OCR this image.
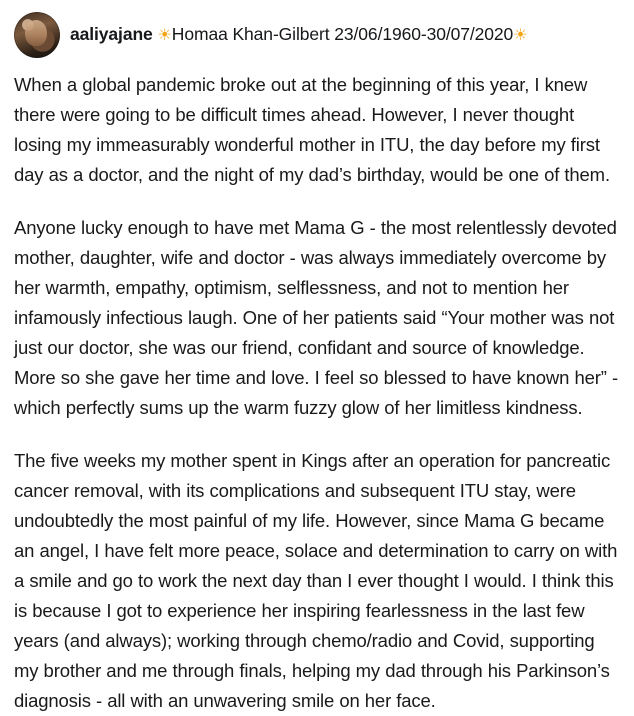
aaliyajane ☀Homaa Khan-Gilbert 23/06/1960-30/07/2020☀

When a global pandemic broke out at the beginning of this year, I knew there were going to be difficult times ahead. However, I never thought losing my immeasurably wonderful mother in ITU, the day before my first day as a doctor, and the night of my dad’s birthday, would be one of them.

Anyone lucky enough to have met Mama G - the most relentlessly devoted mother, daughter, wife and doctor - was always immediately overcome by her warmth, empathy, optimism, selflessness, and not to mention her infamously infectious laugh. One of her patients said “Your mother was not just our doctor, she was our friend, confidant and source of knowledge. More so she gave her time and love. I feel so blessed to have known her” - which perfectly sums up the warm fuzzy glow of her limitless kindness.

The five weeks my mother spent in Kings after an operation for pancreatic cancer removal, with its complications and subsequent ITU stay, were undoubtedly the most painful of my life. However, since Mama G became an angel, I have felt more peace, solace and determination to carry on with a smile and go to work the next day than I ever thought I would. I think this is because I got to experience her inspiring fearlessness in the last few years (and always); working through chemo/radio and Covid, supporting my brother and me through finals, helping my dad through his Parkinson’s diagnosis - all with an unwavering smile on her face.
